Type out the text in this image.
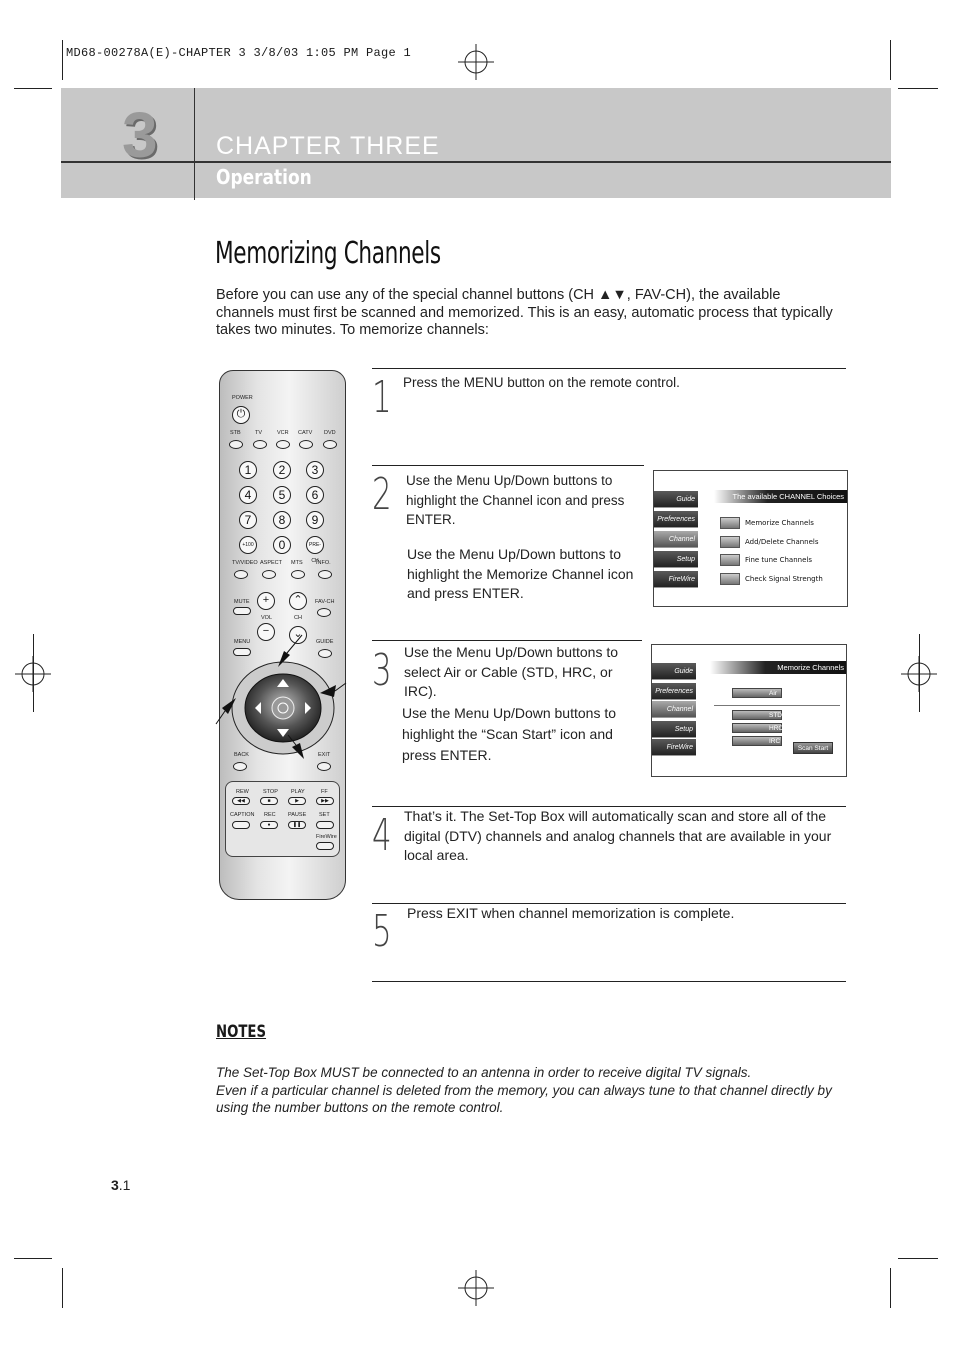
MD68-00278A(E)-CHAPTER 3 3/8/03 1:05 PM Page 1
3 CHAPTER THREE
Operation
Memorizing Channels
Before you can use any of the special channel buttons (CH ▲▼, FAV-CH), the available channels must first be scanned and memorized. This is an easy, automatic process that typically takes two minutes. To memorize channels:
POWER
⏻
STB	TV	VCR CATV DVD
1	2	3
4	5	6
7	8	9
+100	0	PRE-CH
TV/VIDEO ASPECT MTS INFO.
MUTE	+
VOL
−
⌃
CH
⌄
FAV-CH
MENU	GUIDE
BACK	EXIT
REW	STOP PLAY	FF
◀◀	■	▶	▶▶
CAPTION REC PAUSE SET
●	❚❚
FireWire
1 Press the MENU button on the remote control.
2 Use the Menu Up/Down buttons to highlight the Channel icon and press ENTER.
Use the Menu Up/Down buttons to highlight the Memorize Channel icon and press ENTER.
3 Use the Menu Up/Down buttons to select Air or Cable (STD, HRC, or IRC).
Use the Menu Up/Down buttons to highlight the “Scan Start” icon and press ENTER.
4 That’s it. The Set-Top Box will automatically scan and store all of the digital (DTV) channels and analog channels that are available in your local area.
5 Press EXIT when channel memorization is complete.
The available CHANNEL Choices
Guide
Preferences
Channel
Setup
FireWire
Memorize Channels
Add/Delete Channels
Fine tune Channels
Check Signal Strength
Memorize Channels
Guide
Preferences
Channel
Setup
FireWire
Air
STD
HRC
IRC
Scan Start
NOTES
The Set-Top Box MUST be connected to an antenna in order to receive digital TV signals.
Even if a particular channel is deleted from the memory, you can always tune to that channel directly by using the number buttons on the remote control.
3.1
